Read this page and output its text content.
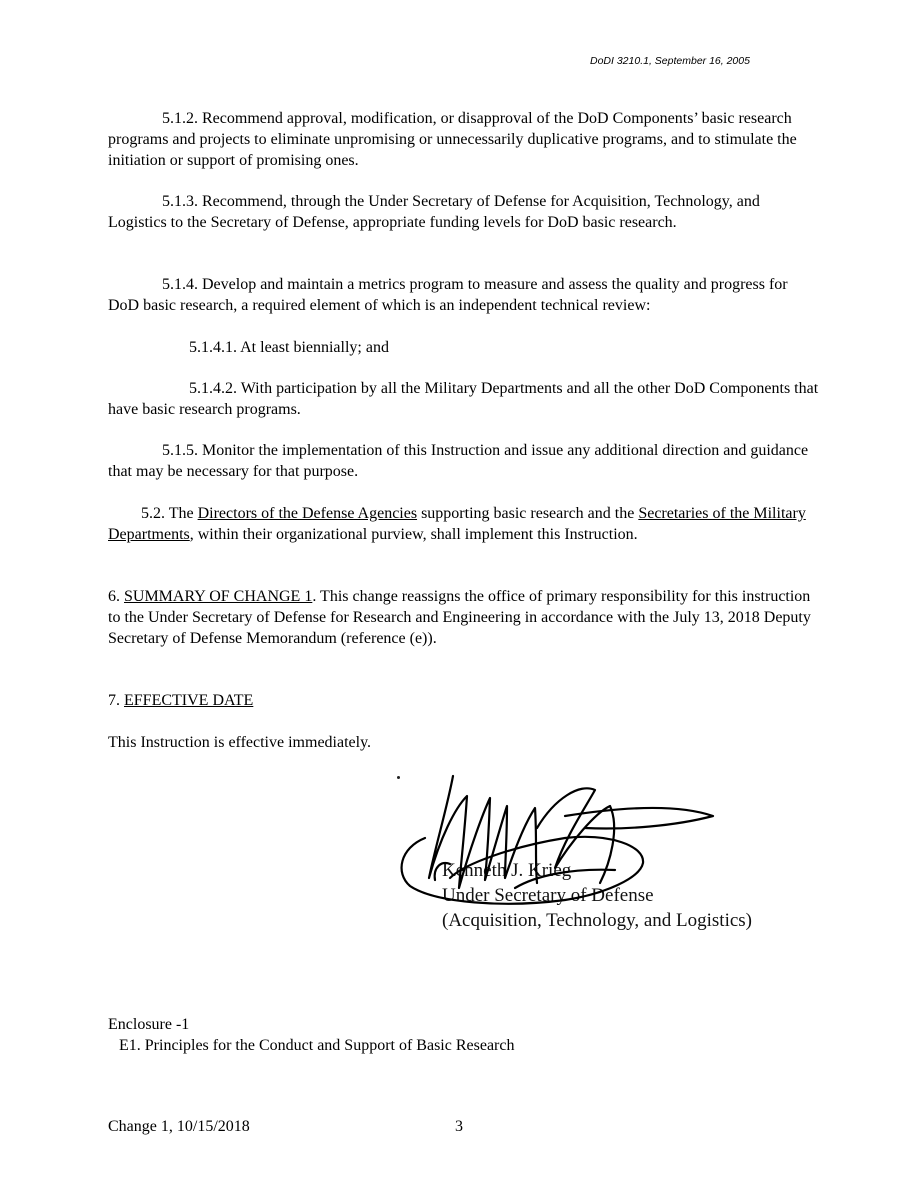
DoDI 3210.1, September 16, 2005

5.1.2. Recommend approval, modification, or disapproval of the DoD Components’ basic research programs and projects to eliminate unpromising or unnecessarily duplicative programs, and to stimulate the initiation or support of promising ones.

5.1.3. Recommend, through the Under Secretary of Defense for Acquisition, Technology, and Logistics to the Secretary of Defense, appropriate funding levels for DoD basic research.

5.1.4. Develop and maintain a metrics program to measure and assess the quality and progress for DoD basic research, a required element of which is an independent technical review:

5.1.4.1. At least biennially; and

5.1.4.2. With participation by all the Military Departments and all the other DoD Components that have basic research programs.

5.1.5. Monitor the implementation of this Instruction and issue any additional direction and guidance that may be necessary for that purpose.

5.2. The Directors of the Defense Agencies supporting basic research and the Secretaries of the Military Departments, within their organizational purview, shall implement this Instruction.

6. SUMMARY OF CHANGE 1. This change reassigns the office of primary responsibility for this instruction to the Under Secretary of Defense for Research and Engineering in accordance with the July 13, 2018 Deputy Secretary of Defense Memorandum (reference (e)).

7. EFFECTIVE DATE

This Instruction is effective immediately.

Kenneth J. Krieg
Under Secretary of Defense
(Acquisition, Technology, and Logistics)
Enclosure -1
E1. Principles for the Conduct and Support of Basic Research
Change 1, 10/15/2018	3
